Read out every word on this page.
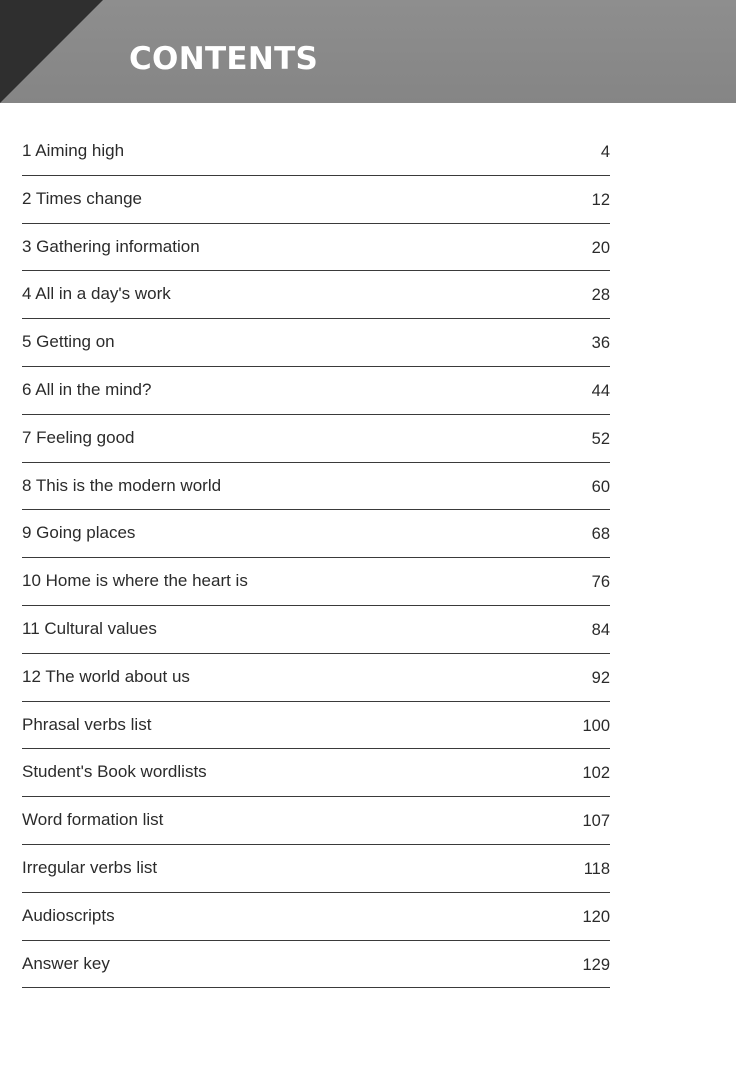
CONTENTS
1 Aiming high	4
2 Times change	12
3 Gathering information	20
4 All in a day's work	28
5 Getting on	36
6 All in the mind?	44
7 Feeling good	52
8 This is the modern world	60
9 Going places	68
10 Home is where the heart is	76
11 Cultural values	84
12 The world about us	92
Phrasal verbs list	100
Student's Book wordlists	102
Word formation list	107
Irregular verbs list	118
Audioscripts	120
Answer key	129
